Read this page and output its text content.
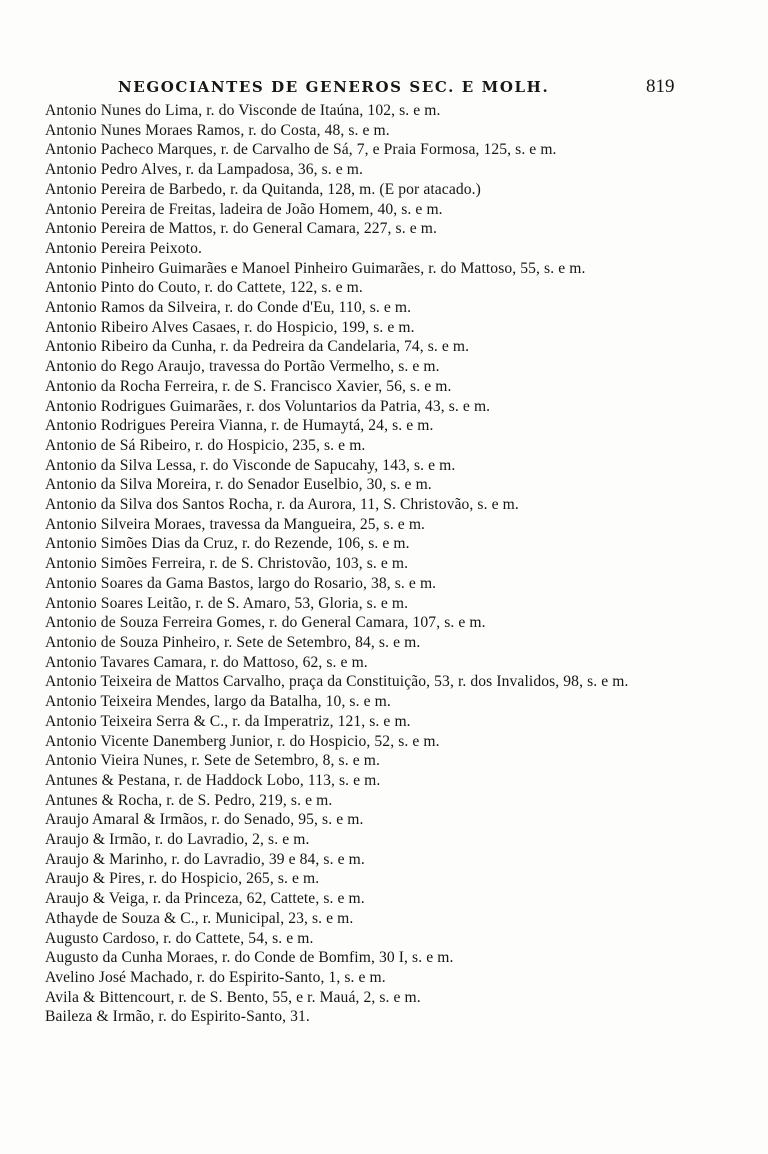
NEGOCIANTES DE GENEROS SEC. E MOLH.	819
Antonio Nunes do Lima, r. do Visconde de Itaúna, 102, s. e m.
Antonio Nunes Moraes Ramos, r. do Costa, 48, s. e m.
Antonio Pacheco Marques, r. de Carvalho de Sá, 7, e Praia Formosa, 125, s. e m.
Antonio Pedro Alves, r. da Lampadosa, 36, s. e m.
Antonio Pereira de Barbedo, r. da Quitanda, 128, m. (E por atacado.)
Antonio Pereira de Freitas, ladeira de João Homem, 40, s. e m.
Antonio Pereira de Mattos, r. do General Camara, 227, s. e m.
Antonio Pereira Peixoto.
Antonio Pinheiro Guimarães e Manoel Pinheiro Guimarães, r. do Mattoso, 55, s. e m.
Antonio Pinto do Couto, r. do Cattete, 122, s. e m.
Antonio Ramos da Silveira, r. do Conde d'Eu, 110, s. e m.
Antonio Ribeiro Alves Casaes, r. do Hospicio, 199, s. e m.
Antonio Ribeiro da Cunha, r. da Pedreira da Candelaria, 74, s. e m.
Antonio do Rego Araujo, travessa do Portão Vermelho, s. e m.
Antonio da Rocha Ferreira, r. de S. Francisco Xavier, 56, s. e m.
Antonio Rodrigues Guimarães, r. dos Voluntarios da Patria, 43, s. e m.
Antonio Rodrigues Pereira Vianna, r. de Humaytá, 24, s. e m.
Antonio de Sá Ribeiro, r. do Hospicio, 235, s. e m.
Antonio da Silva Lessa, r. do Visconde de Sapucahy, 143, s. e m.
Antonio da Silva Moreira, r. do Senador Euselbio, 30, s. e m.
Antonio da Silva dos Santos Rocha, r. da Aurora, 11, S. Christovão, s. e m.
Antonio Silveira Moraes, travessa da Mangueira, 25, s. e m.
Antonio Simões Dias da Cruz, r. do Rezende, 106, s. e m.
Antonio Simões Ferreira, r. de S. Christovão, 103, s. e m.
Antonio Soares da Gama Bastos, largo do Rosario, 38, s. e m.
Antonio Soares Leitão, r. de S. Amaro, 53, Gloria, s. e m.
Antonio de Souza Ferreira Gomes, r. do General Camara, 107, s. e m.
Antonio de Souza Pinheiro, r. Sete de Setembro, 84, s. e m.
Antonio Tavares Camara, r. do Mattoso, 62, s. e m.
Antonio Teixeira de Mattos Carvalho, praça da Constituição, 53, r. dos Invalidos, 98, s. e m.
Antonio Teixeira Mendes, largo da Batalha, 10, s. e m.
Antonio Teixeira Serra & C., r. da Imperatriz, 121, s. e m.
Antonio Vicente Danemberg Junior, r. do Hospicio, 52, s. e m.
Antonio Vieira Nunes, r. Sete de Setembro, 8, s. e m.
Antunes & Pestana, r. de Haddock Lobo, 113, s. e m.
Antunes & Rocha, r. de S. Pedro, 219, s. e m.
Araujo Amaral & Irmãos, r. do Senado, 95, s. e m.
Araujo & Irmão, r. do Lavradio, 2, s. e m.
Araujo & Marinho, r. do Lavradio, 39 e 84, s. e m.
Araujo & Pires, r. do Hospicio, 265, s. e m.
Araujo & Veiga, r. da Princeza, 62, Cattete, s. e m.
Athayde de Souza & C., r. Municipal, 23, s. e m.
Augusto Cardoso, r. do Cattete, 54, s. e m.
Augusto da Cunha Moraes, r. do Conde de Bomfim, 30 I, s. e m.
Avelino José Machado, r. do Espirito-Santo, 1, s. e m.
Avila & Bittencourt, r. de S. Bento, 55, e r. Mauá, 2, s. e m.
Baileza & Irmão, r. do Espirito-Santo, 31.
